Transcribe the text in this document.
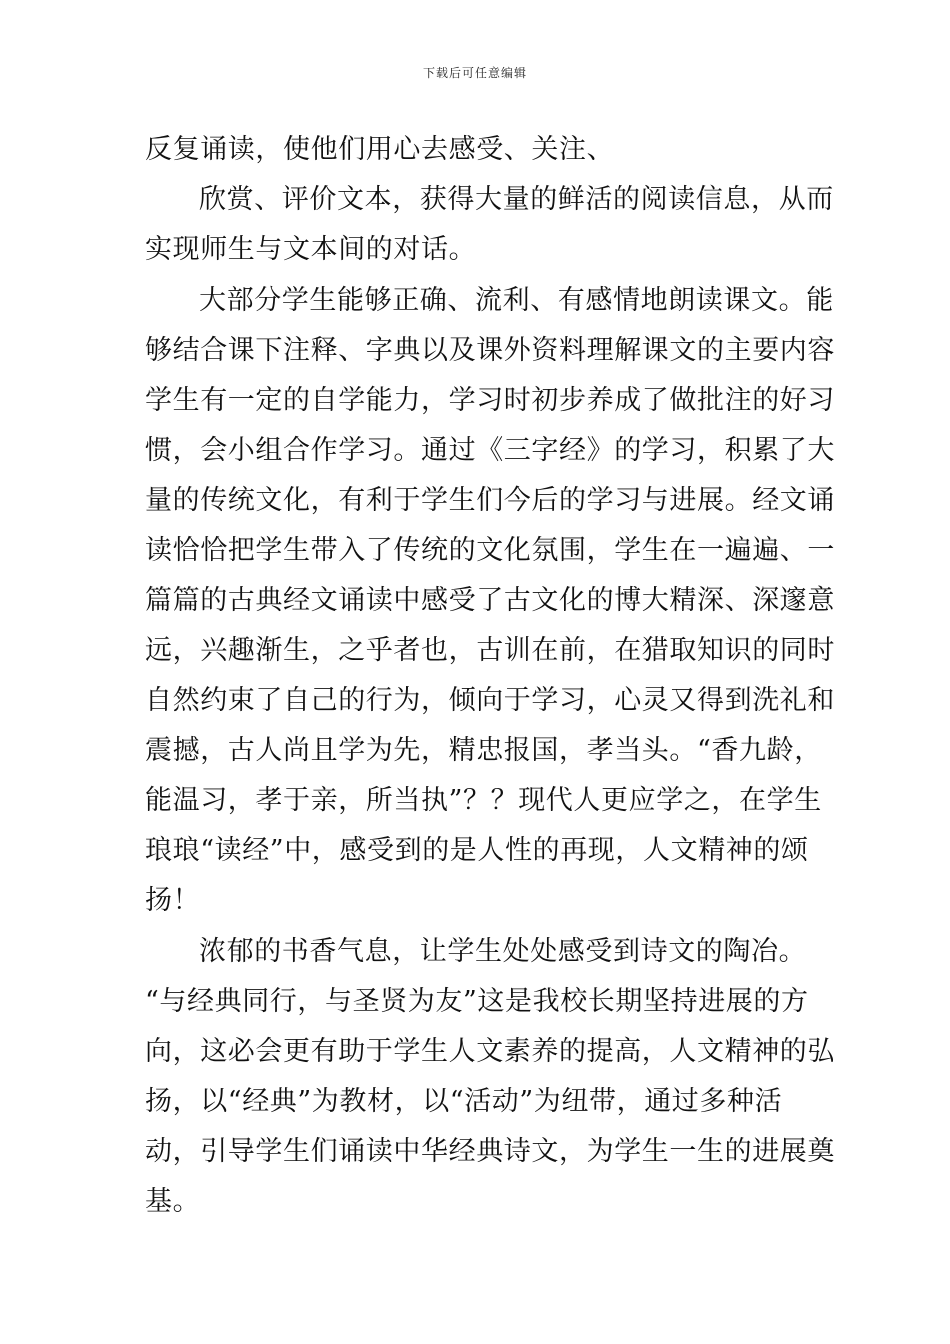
下载后可任意编辑
反复诵读，使他们用心去感受、关注、
欣赏、评价文本，获得大量的鲜活的阅读信息，从而
实现师生与文本间的对话。
大部分学生能够正确、流利、有感情地朗读课文。能
够结合课下注释、字典以及课外资料理解课文的主要内容
学生有一定的自学能力，学习时初步养成了做批注的好习
惯，会小组合作学习。通过《三字经》的学习，积累了大
量的传统文化，有利于学生们今后的学习与进展。经文诵
读恰恰把学生带入了传统的文化氛围，学生在一遍遍、一
篇篇的古典经文诵读中感受了古文化的博大精深、深邃意
远，兴趣渐生，之乎者也，古训在前，在猎取知识的同时
自然约束了自己的行为，倾向于学习，心灵又得到洗礼和
震撼，古人尚且学为先，精忠报国，孝当头。“香九龄，
能温习，孝于亲，所当执”？？现代人更应学之，在学生
琅琅“读经”中，感受到的是人性的再现，人文精神的颂
扬！
浓郁的书香气息，让学生处处感受到诗文的陶冶。
“与经典同行，与圣贤为友”这是我校长期坚持进展的方
向，这必会更有助于学生人文素养的提高，人文精神的弘
扬，以“经典”为教材，以“活动”为纽带，通过多种活
动，引导学生们诵读中华经典诗文，为学生一生的进展奠
基。
